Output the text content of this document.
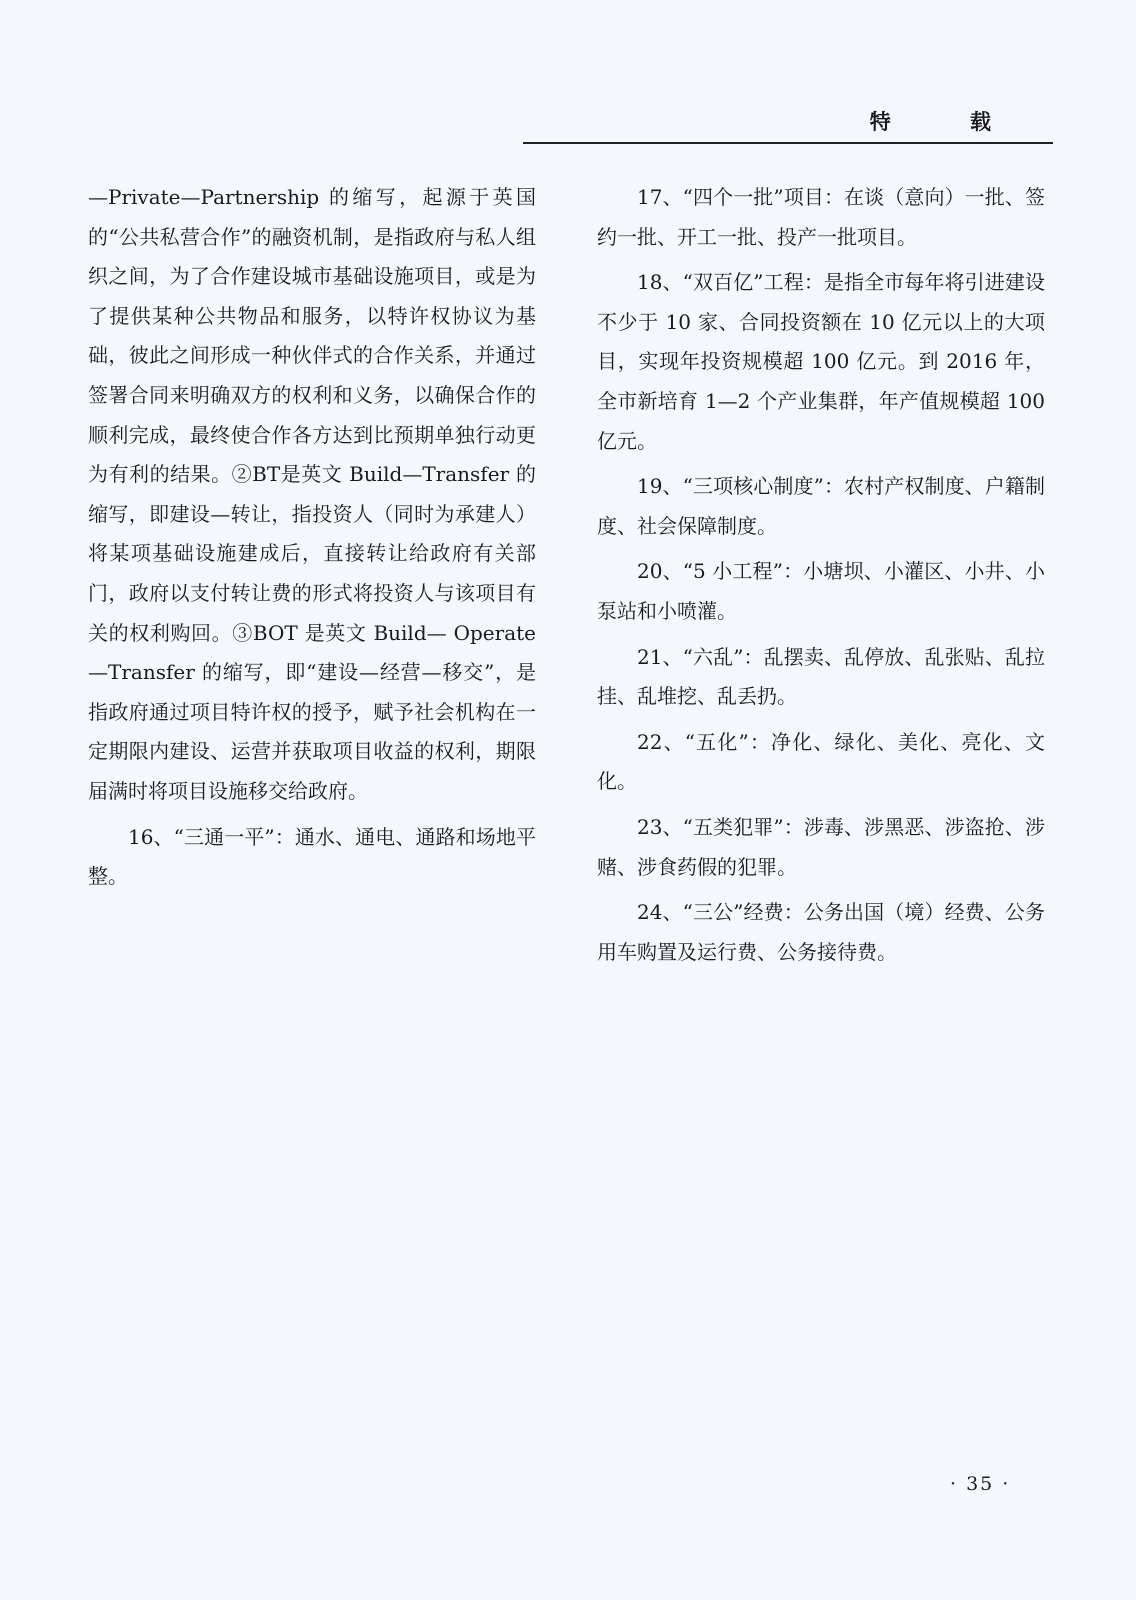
特 载

—Private—Partnership 的缩写，起源于英国的“公共私营合作”的融资机制，是指政府与私人组织之间，为了合作建设城市基础设施项目，或是为了提供某种公共物品和服务，以特许权协议为基础，彼此之间形成一种伙伴式的合作关系，并通过签署合同来明确双方的权利和义务，以确保合作的顺利完成，最终使合作各方达到比预期单独行动更为有利的结果。②BT是英文 Build—Transfer 的缩写，即建设—转让，指投资人（同时为承建人）将某项基础设施建成后，直接转让给政府有关部门，政府以支付转让费的形式将投资人与该项目有关的权利购回。③BOT 是英文 Build— Operate—Transfer 的缩写，即“建设—经营—移交”，是指政府通过项目特许权的授予，赋予社会机构在一定期限内建设、运营并获取项目收益的权利，期限届满时将项目设施移交给政府。

16、“三通一平”：通水、通电、通路和场地平整。

17、“四个一批”项目：在谈（意向）一批、签约一批、开工一批、投产一批项目。

18、“双百亿”工程：是指全市每年将引进建设不少于 10 家、合同投资额在 10 亿元以上的大项目，实现年投资规模超 100 亿元。到 2016 年，全市新培育 1—2 个产业集群，年产值规模超 100 亿元。

19、“三项核心制度”：农村产权制度、户籍制度、社会保障制度。

20、“5 小工程”：小塘坝、小灌区、小井、小泵站和小喷灌。

21、“六乱”：乱摆卖、乱停放、乱张贴、乱拉挂、乱堆挖、乱丢扔。

22、“五化”：净化、绿化、美化、亮化、文化。

23、“五类犯罪”：涉毒、涉黑恶、涉盗抢、涉赌、涉食药假的犯罪。

24、“三公”经费：公务出国（境）经费、公务用车购置及运行费、公务接待费。

· 35 ·
